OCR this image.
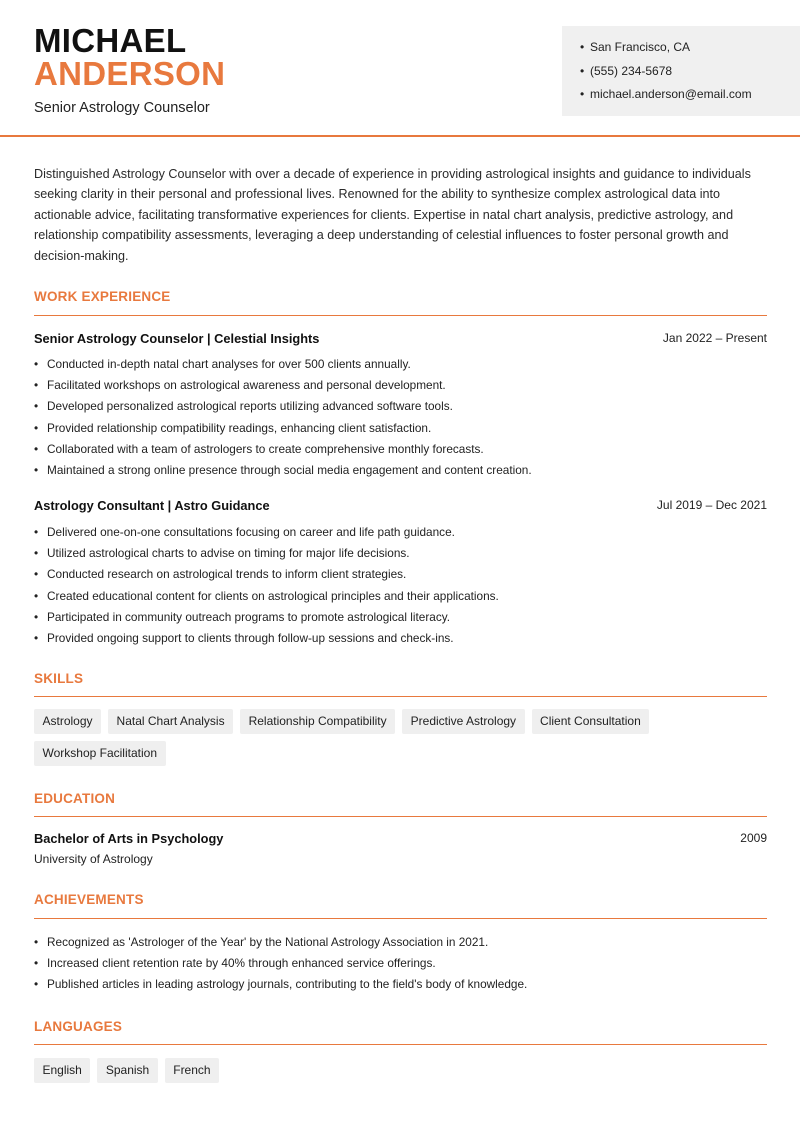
MICHAEL
ANDERSON
Senior Astrology Counselor
• San Francisco, CA
• (555) 234-5678
• michael.anderson@email.com
Distinguished Astrology Counselor with over a decade of experience in providing astrological insights and guidance to individuals seeking clarity in their personal and professional lives. Renowned for the ability to synthesize complex astrological data into actionable advice, facilitating transformative experiences for clients. Expertise in natal chart analysis, predictive astrology, and relationship compatibility assessments, leveraging a deep understanding of celestial influences to foster personal growth and decision-making.
WORK EXPERIENCE
Senior Astrology Counselor | Celestial Insights	Jan 2022 – Present
• Conducted in-depth natal chart analyses for over 500 clients annually.
• Facilitated workshops on astrological awareness and personal development.
• Developed personalized astrological reports utilizing advanced software tools.
• Provided relationship compatibility readings, enhancing client satisfaction.
• Collaborated with a team of astrologers to create comprehensive monthly forecasts.
• Maintained a strong online presence through social media engagement and content creation.
Astrology Consultant | Astro Guidance	Jul 2019 – Dec 2021
• Delivered one-on-one consultations focusing on career and life path guidance.
• Utilized astrological charts to advise on timing for major life decisions.
• Conducted research on astrological trends to inform client strategies.
• Created educational content for clients on astrological principles and their applications.
• Participated in community outreach programs to promote astrological literacy.
• Provided ongoing support to clients through follow-up sessions and check-ins.
SKILLS
Astrology	Natal Chart Analysis	Relationship Compatibility	Predictive Astrology	Client Consultation
Workshop Facilitation
EDUCATION
Bachelor of Arts in Psychology	2009
University of Astrology
ACHIEVEMENTS
• Recognized as 'Astrologer of the Year' by the National Astrology Association in 2021.
• Increased client retention rate by 40% through enhanced service offerings.
• Published articles in leading astrology journals, contributing to the field's body of knowledge.
LANGUAGES
English	Spanish	French
